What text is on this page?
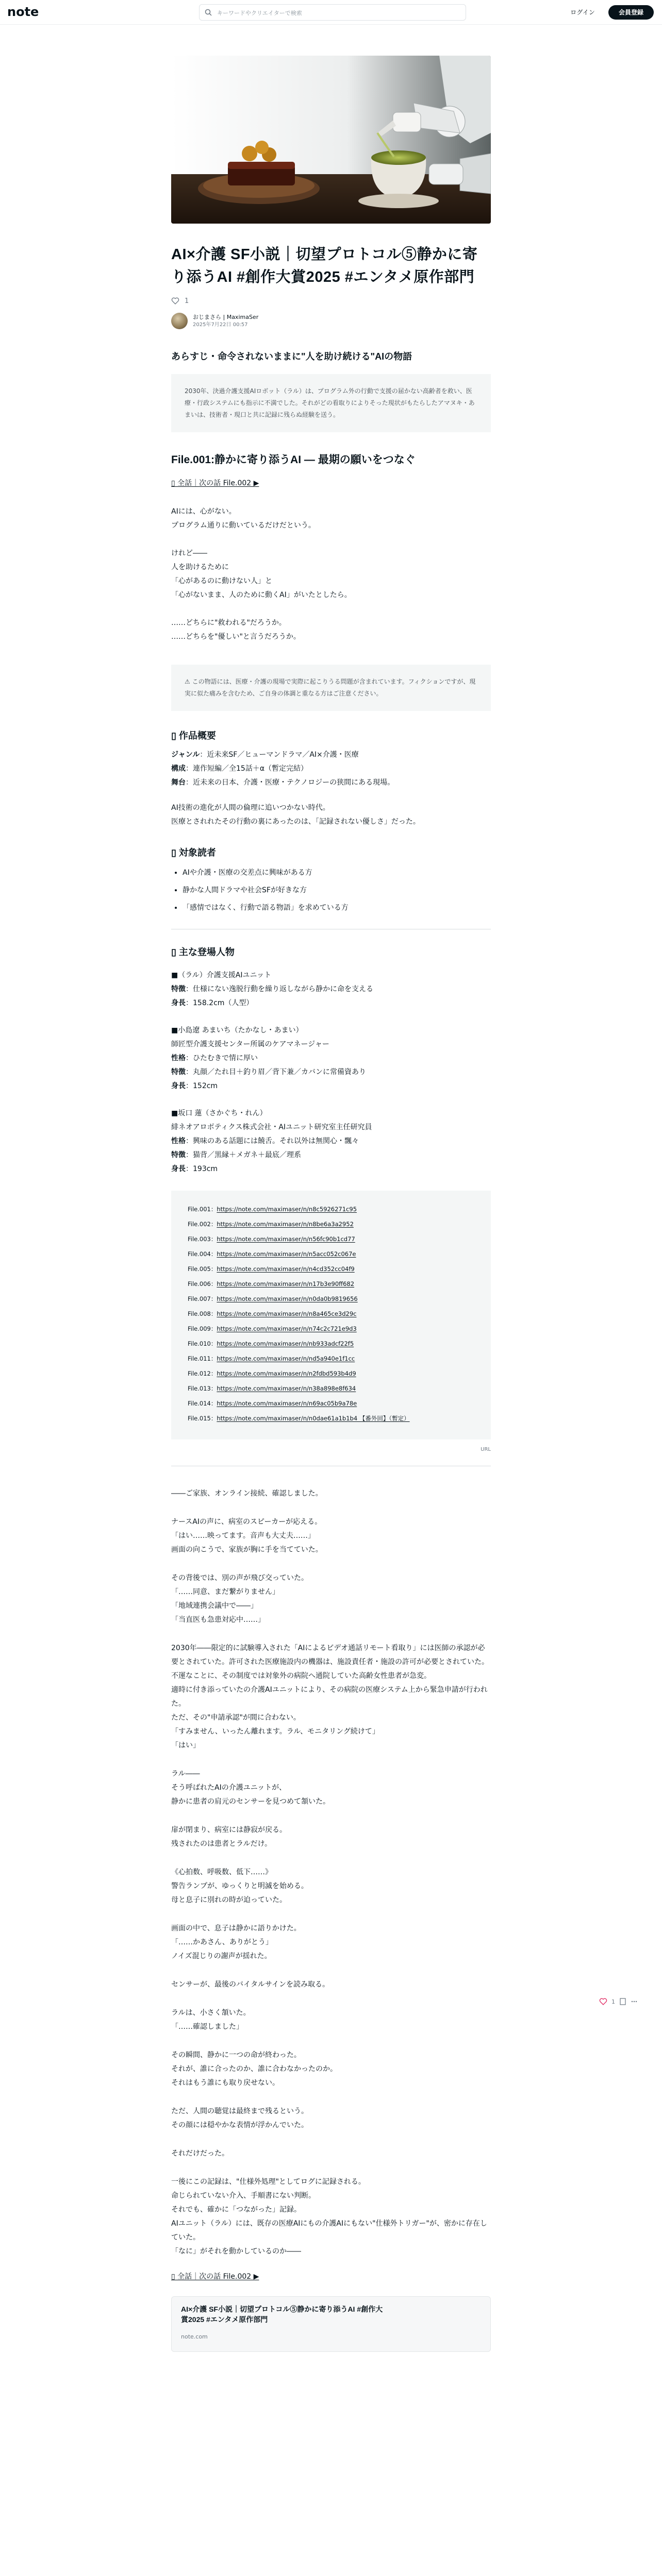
note
キーワードやクリエイターで検索	ログイン	会員登録
AI×介護 SF小説｜切望プロトコル⑤静かに寄り添うAI #創作大賞2025 #エンタメ原作部門
1
おじまさら | MaximaSer
2025年7月22日 00:57
あらすじ・命令されないままに"人を助け続ける"AIの物語
2030年、決過介護支援AIロボット（ラル）は、プログラム外の行動で支援の届かない高齢者を救い、医療・行政システムにも指示に不満でした。それがどの看取りによりそった現状がもたらしたアマヌキ・あまいは、技術者・現口と共に記録に残らぬ経験を送う。
File.001:静かに寄り添うAI ― 最期の願いをつなぐ
▯ 全話｜次の話 File.002 ▶
AIには、心がない。
プログラム通りに動いているだけだという。
けれど――
人を助けるために
「心があるのに動けない人」と
「心がないまま、人のために動くAI」がいたとしたら。
……どちらに"救われる"だろうか。
……どちらを"優しい"と言うだろうか。
⚠ この物語には、医療・介護の現場で実際に起こりうる問題が含まれています。フィクションですが、現実に似た痛みを含むため、ご自身の体調と重なる方はご注意ください。
▯ 作品概要
ジャンル：近未来SF／ヒューマンドラマ／AI×介護・医療
構成：連作短編／全15話＋α（暫定完結）
舞台：近未来の日本、介護・医療・テクノロジーの狭間にある現場。
AI技術の進化が人間の倫理に追いつかない時代。
医療とされれたその行動の裏にあったのは、「記録されない優しさ」だった。
▯ 対象読者
• AIや介護・医療の交差点に興味がある方
• 静かな人間ドラマや社会SFが好きな方
• 「感情ではなく、行動で語る物語」を求めている方
▯ 主な登場人物
■（ラル）介護支援AIユニット
特徴：仕様にない逸脱行動を繰り返しながら静かに命を支える
身長：158.2cm（人型）
■小島遼 あまいち（たかなし・あまい）
師匠型介護支援センター所属のケアマネージャー
性格：ひたむきで情に厚い
特徴：丸顔／たれ目＋釣り眉／背下兼／カバンに常備資あり
身長：152cm
■坂口 蓮（さかぐち・れん）
緋ネオアロボティクス株式会社・AIユニット研究室主任研究員
性格：興味のある話題には饒舌。それ以外は無関心・飄々
特徴：猫背／黒縁＋メガネ＋最底／理系
身長：193cm
File.001：https://note.com/maximaser/n/n8c5926271c95
File.002：https://note.com/maximaser/n/n8be6a3a2952
File.003：https://note.com/maximaser/n/n56fc90b1cd77
File.004：https://note.com/maximaser/n/n5acc052c067e
File.005：https://note.com/maximaser/n/n4cd352cc04f9
File.006：https://note.com/maximaser/n/n17b3e90ff682
File.007：https://note.com/maximaser/n/n0da0b9819656
File.008：https://note.com/maximaser/n/n8a465ce3d29c
File.009：https://note.com/maximaser/n/n74c2c721e9d3
File.010：https://note.com/maximaser/n/nb933adcf22f5
File.011：https://note.com/maximaser/n/nd5a940e1f1cc
File.012：https://note.com/maximaser/n/n2fdbd593b4d9
File.013：https://note.com/maximaser/n/n38a898e8f634
File.014：https://note.com/maximaser/n/n69ac05b9a78e
File.015：https://note.com/maximaser/n/n0dae61a1b1b4 【番外回】（暫定）
URL
――ご家族、オンライン接続、確認しました。
ナースAIの声に、病室のスピーカーが応える。
「はい……映ってます。音声も大丈夫……」
画面の向こうで、家族が胸に手を当てていた。
その背後では、別の声が飛び交っていた。
「……同意、まだ繋がりません」
「地域連携会議中で――」
「当直医も急患対応中……」
2030年――限定的に試験導入された「AIによるビデオ通話リモート看取り」には医師の承認が必要とされていた。許可された医療施設内の機器は、施設責任者・施設の許可が必要とされていた。
不運なことに、その制度では対象外の病院へ通院していた高齢女性患者が急変。
適時に付き添っていたの介護AIユニットにより、その病院の医療システム上から緊急申請が行われた。
ただ、その"申請承認"が間に合わない。
「すみません、いったん離れます。ラル、モニタリング続けて」
「はい」
ラル――
そう呼ばれたAIの介護ユニットが、
静かに患者の肩元のセンサーを見つめて頷いた。
扉が閉まり、病室には静寂が戻る。
残されたのは患者とラルだけ。
《心拍数、呼吸数、低下……》
警告ランプが、ゆっくりと明滅を始める。
母と息子に別れの時が迫っていた。
画面の中で、息子は静かに語りかけた。
「……かあさん、ありがとう」
ノイズ混じりの謝声が揺れた。
センサーが、最後のバイタルサインを読み取る。
ラルは、小さく頷いた。
「……確認しました」
その瞬間、静かに一つの命が終わった。
それが、誰に合ったのか、誰に合わなかったのか。
それはもう誰にも取り戻せない。
ただ、人間の聴覚は最終まで残るという。
その顔には穏やかな表情が浮かんでいた。
それだけだった。
一後にこの記録は、"仕様外処理"としてログに記録される。
命じられていない介入、手順書にない判断。
それでも、確かに「つながった」記録。
AIユニット（ラル）には、既存の医療AIにもの介護AIにもない"仕様外トリガー"が、密かに存在していた。
「なに」がそれを動かしているのか――
▯ 全話｜次の話 File.002 ▶
AI×介護 SF小説｜切望プロトコル⑤静かに寄り添うAI #創作大賞2025 #エンタメ原作部門
note.com
1
